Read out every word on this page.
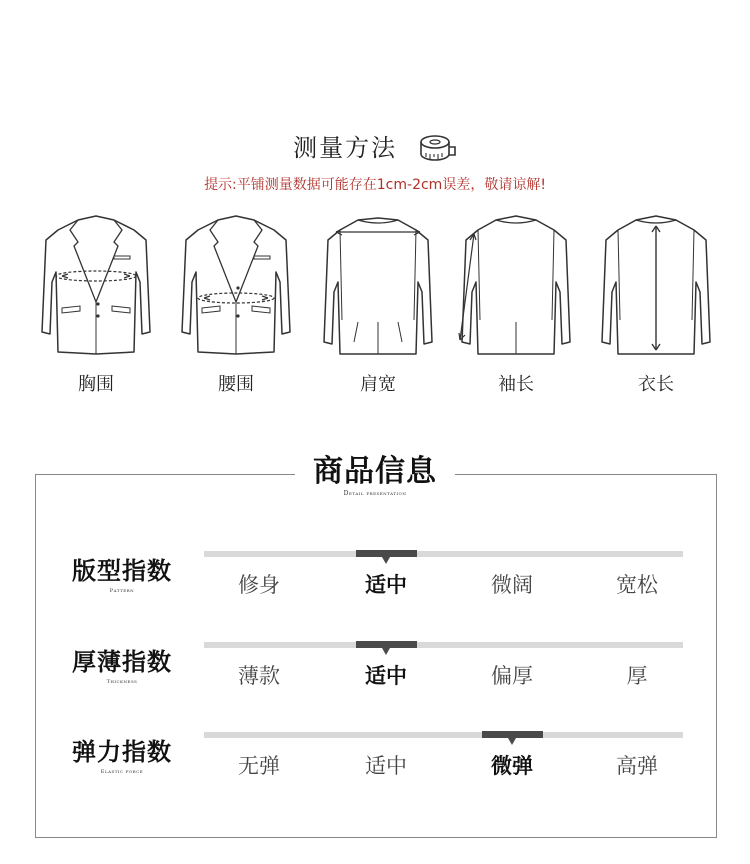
测量方法
提示:平铺测量数据可能存在1cm-2cm误差，敬请谅解!
胸围	腰围	肩宽	袖长	衣长
商品信息
Detail presentation
版型指数
Pattern	修身	适中	微阔	宽松
厚薄指数
Thickness	薄款	适中	偏厚	厚
弹力指数
Elastic force	无弹	适中	微弹	高弹
